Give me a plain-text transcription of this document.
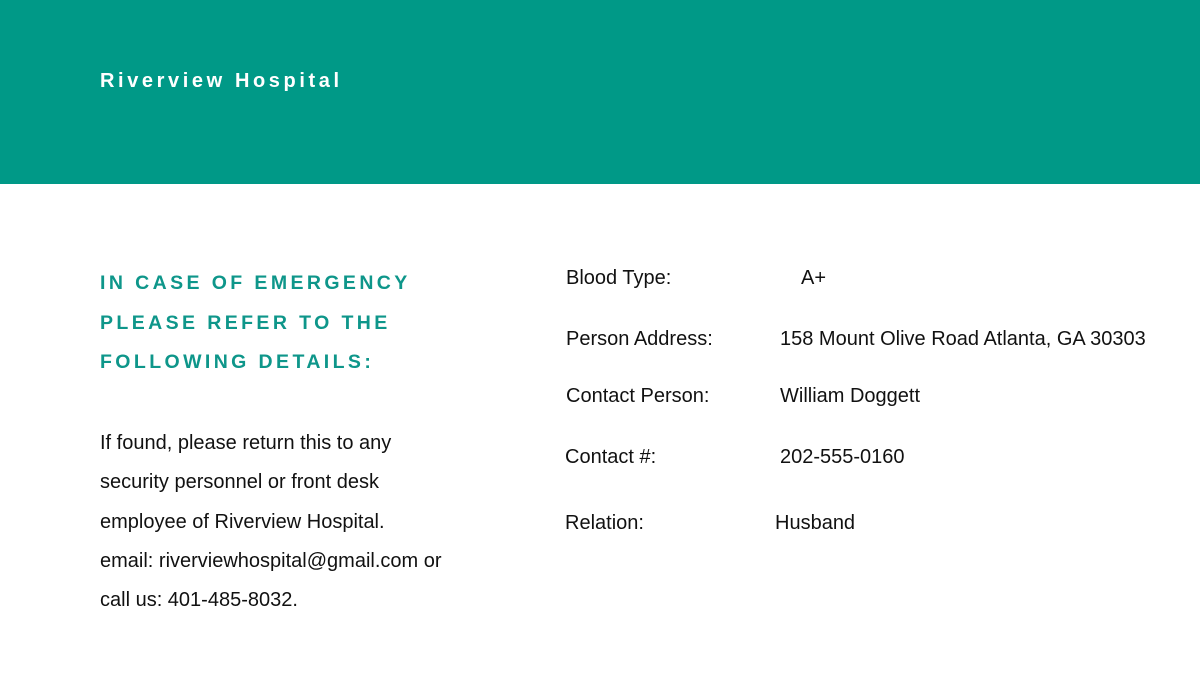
Riverview Hospital
IN CASE OF EMERGENCY
PLEASE REFER TO THE
FOLLOWING DETAILS:
If found, please return this to any
security personnel or front desk
employee of Riverview Hospital.
email: riverviewhospital@gmail.com or
call us: 401-485-8032.
Blood Type:	A+
Person Address:	158 Mount Olive Road Atlanta, GA 30303
Contact Person:	William Doggett
Contact #:	202-555-0160
Relation:	Husband
